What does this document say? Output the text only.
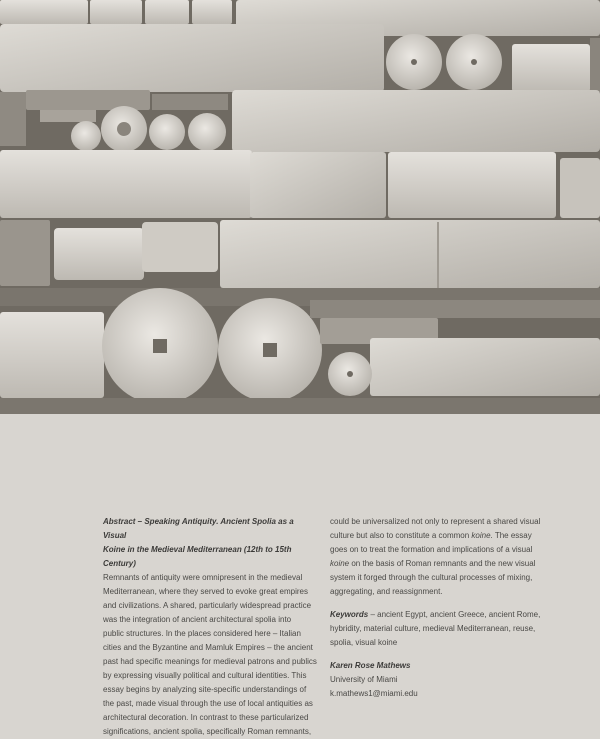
Abstract – Speaking Antiquity. Ancient Spolia as a Visual

Koine in the Medieval Mediterranean (12th to 15th Century)

Remnants of antiquity were omnipresent in the medieval

Mediterranean, where they served to evoke great empires

and civilizations. A shared, particularly widespread practice

was the integration of ancient architectural spolia into

public structures. In the places considered here – Italian

cities and the Byzantine and Mamluk Empires – the ancient

past had specific meanings for medieval patrons and publics

by expressing visually political and cultural identities. This

essay begins by analyzing site-specific understandings of

the past, made visual through the use of local antiquities as

architectural decoration. In contrast to these particularized

significations, ancient spolia, specifically Roman remnants,

could be universalized not only to represent a shared visual

culture but also to constitute a common koine. The essay

goes on to treat the formation and implications of a visual

koine on the basis of Roman remnants and the new visual

system it forged through the cultural processes of mixing,

aggregating, and reassignment.

Keywords – ancient Egypt, ancient Greece, ancient Rome,

hybridity, material culture, medieval Mediterranean, reuse,

spolia, visual koine

Karen Rose Mathews

University of Miami

k.mathews1@miami.edu
